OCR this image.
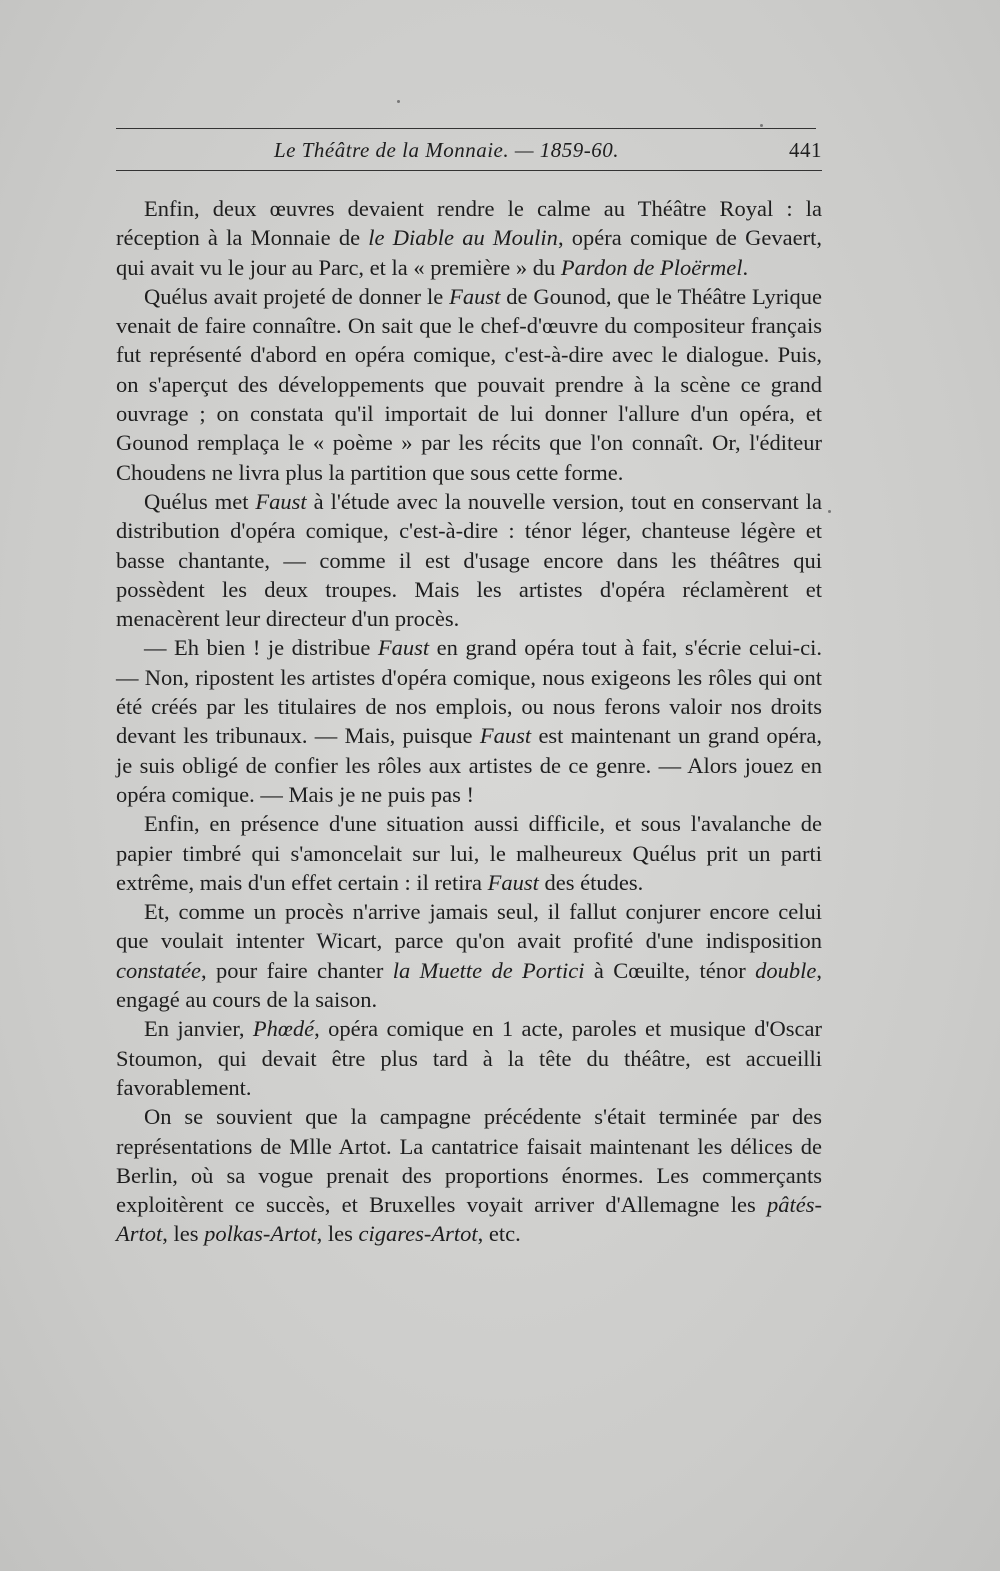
Le Théâtre de la Monnaie. — 1859-60.	441

Enfin, deux œuvres devaient rendre le calme au Théâtre Royal : la réception à la Monnaie de le Diable au Moulin, opéra comique de Gevaert, qui avait vu le jour au Parc, et la « première » du Pardon de Ploërmel.

Quélus avait projeté de donner le Faust de Gounod, que le Théâtre Lyrique venait de faire connaître. On sait que le chef-d'œuvre du compositeur français fut représenté d'abord en opéra comique, c'est-à-dire avec le dialogue. Puis, on s'aperçut des développements que pouvait prendre à la scène ce grand ouvrage ; on constata qu'il importait de lui donner l'allure d'un opéra, et Gounod remplaça le « poème » par les récits que l'on connaît. Or, l'éditeur Choudens ne livra plus la partition que sous cette forme.

Quélus met Faust à l'étude avec la nouvelle version, tout en conservant la distribution d'opéra comique, c'est-à-dire : ténor léger, chanteuse légère et basse chantante, — comme il est d'usage encore dans les théâtres qui possèdent les deux troupes. Mais les artistes d'opéra réclamèrent et menacèrent leur directeur d'un procès.

— Eh bien ! je distribue Faust en grand opéra tout à fait, s'écrie celui-ci. — Non, ripostent les artistes d'opéra comique, nous exigeons les rôles qui ont été créés par les titulaires de nos emplois, ou nous ferons valoir nos droits devant les tribunaux. — Mais, puisque Faust est maintenant un grand opéra, je suis obligé de confier les rôles aux artistes de ce genre. — Alors jouez en opéra comique. — Mais je ne puis pas !

Enfin, en présence d'une situation aussi difficile, et sous l'avalanche de papier timbré qui s'amoncelait sur lui, le malheureux Quélus prit un parti extrême, mais d'un effet certain : il retira Faust des études.

Et, comme un procès n'arrive jamais seul, il fallut conjurer encore celui que voulait intenter Wicart, parce qu'on avait profité d'une indisposition constatée, pour faire chanter la Muette de Portici à Cœuilte, ténor double, engagé au cours de la saison.

En janvier, Phœdé, opéra comique en 1 acte, paroles et musique d'Oscar Stoumon, qui devait être plus tard à la tête du théâtre, est accueilli favorablement.

On se souvient que la campagne précédente s'était terminée par des représentations de Mlle Artot. La cantatrice faisait maintenant les délices de Berlin, où sa vogue prenait des proportions énormes. Les commerçants exploitèrent ce succès, et Bruxelles voyait arriver d'Allemagne les pâtés-Artot, les polkas-Artot, les cigares-Artot, etc.
